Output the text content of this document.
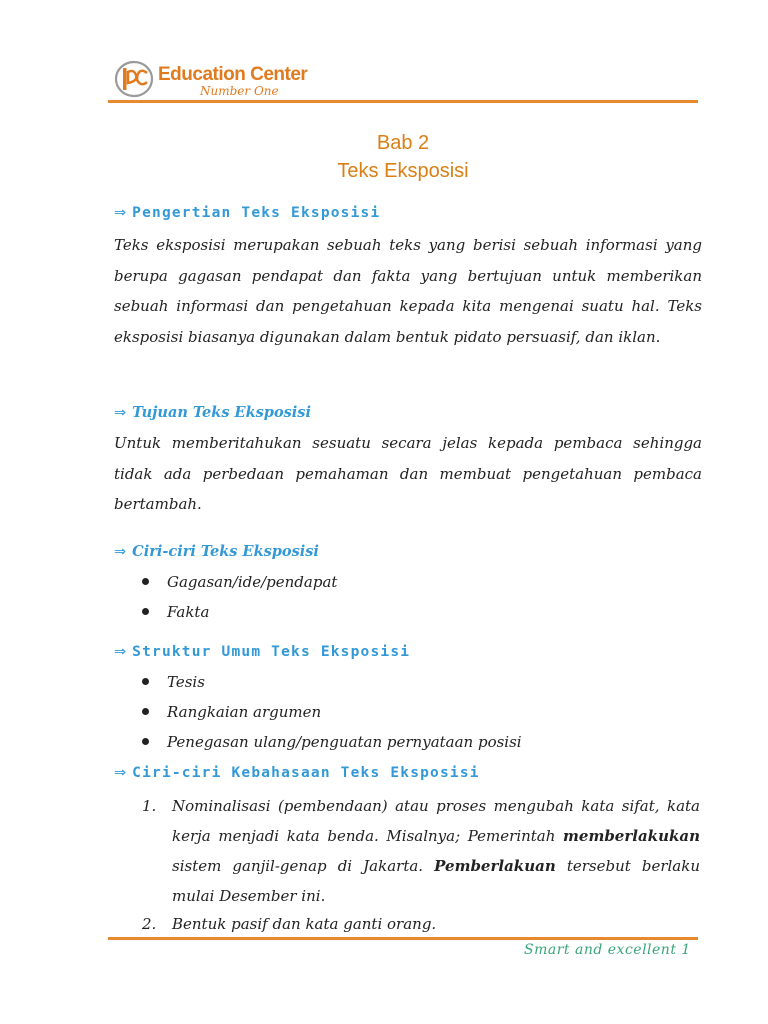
Education Center
Number One
Bab 2
Teks Eksposisi
⇒ Pengertian Teks Eksposisi
Teks eksposisi merupakan sebuah teks yang berisi sebuah informasi yang berupa gagasan pendapat dan fakta yang bertujuan untuk memberikan sebuah informasi dan pengetahuan kepada kita mengenai suatu hal. Teks eksposisi biasanya digunakan dalam bentuk pidato persuasif, dan iklan.
⇒ Tujuan Teks Eksposisi
Untuk memberitahukan sesuatu secara jelas kepada pembaca sehingga tidak ada perbedaan pemahaman dan membuat pengetahuan pembaca bertambah.
⇒ Ciri-ciri Teks Eksposisi
Gagasan/ide/pendapat
Fakta
⇒ Struktur Umum Teks Eksposisi
Tesis
Rangkaian argumen
Penegasan ulang/penguatan pernyataan posisi
⇒ Ciri-ciri Kebahasaan Teks Eksposisi
1. Nominalisasi (pembendaan) atau proses mengubah kata sifat, kata kerja menjadi kata benda. Misalnya; Pemerintah memberlakukan sistem ganjil-genap di Jakarta. Pemberlakuan tersebut berlaku mulai Desember ini.
2. Bentuk pasif dan kata ganti orang.
Smart and excellent 1
